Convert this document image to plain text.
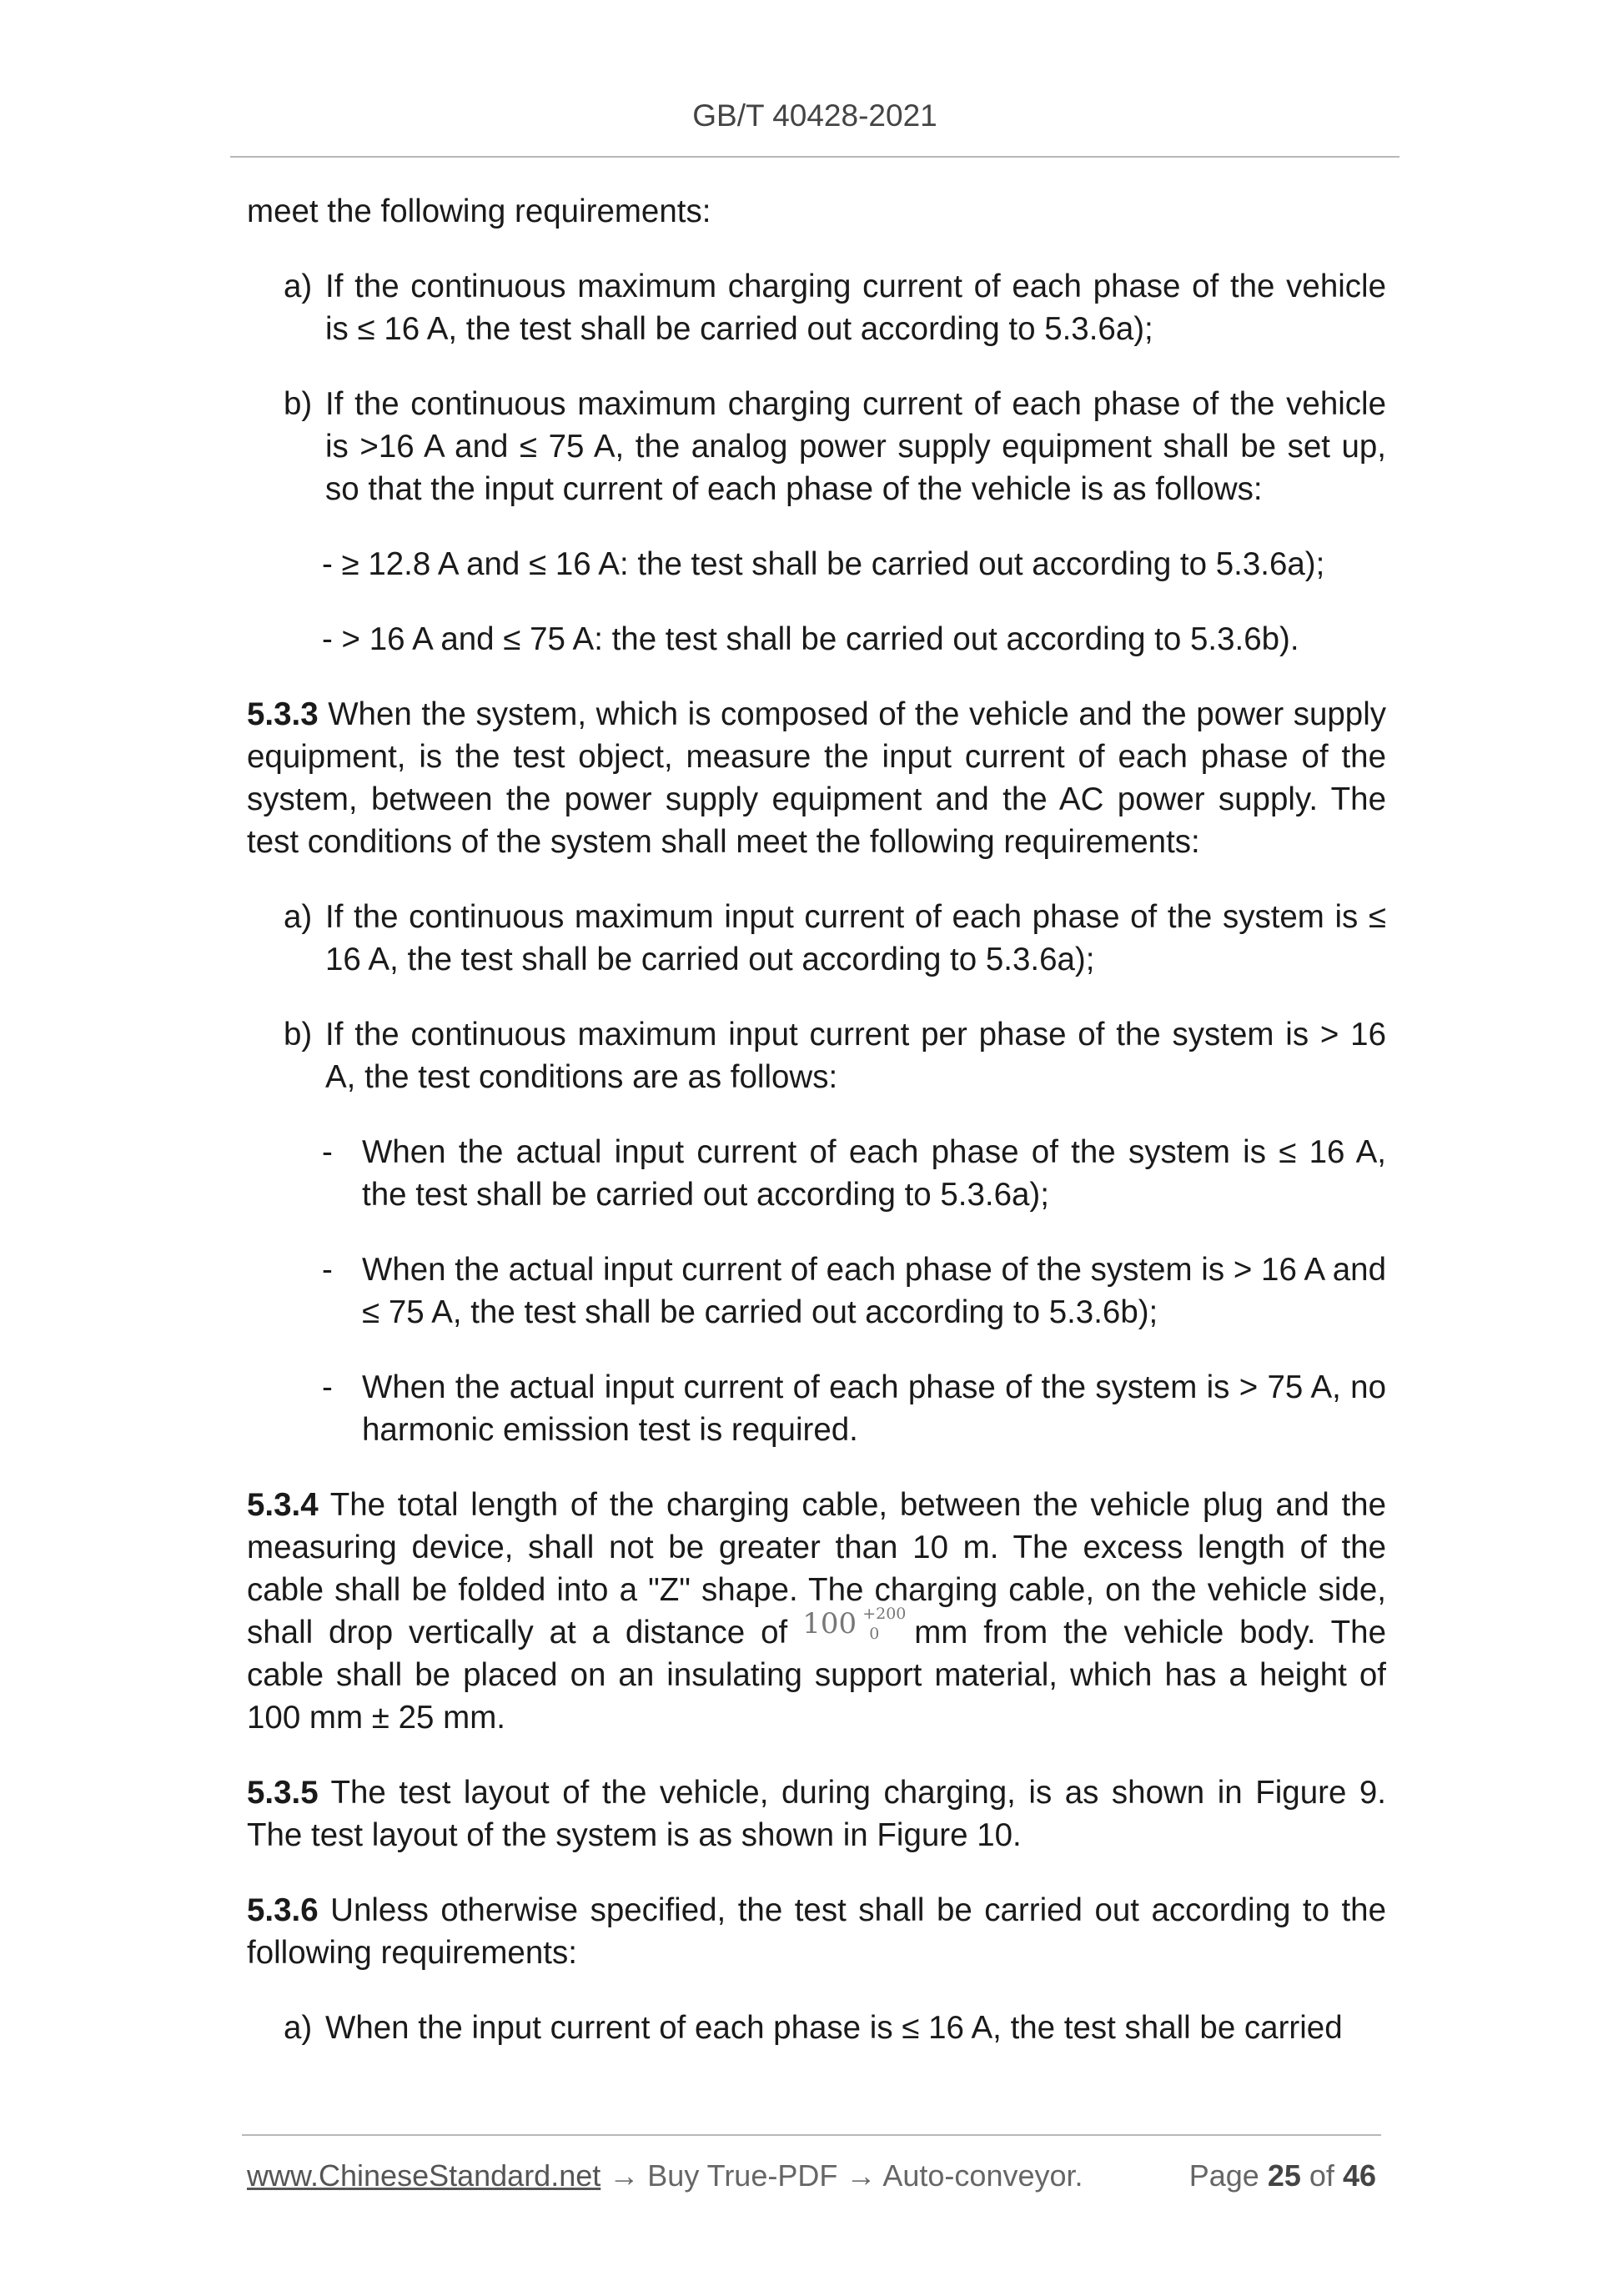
GB/T 40428-2021

meet the following requirements:

a) If the continuous maximum charging current of each phase of the vehicle is ≤ 16 A, the test shall be carried out according to 5.3.6a);
b) If the continuous maximum charging current of each phase of the vehicle is >16 A and ≤ 75 A, the analog power supply equipment shall be set up, so that the input current of each phase of the vehicle is as follows:
- ≥ 12.8 A and ≤ 16 A: the test shall be carried out according to 5.3.6a);
- > 16 A and ≤ 75 A: the test shall be carried out according to 5.3.6b).

5.3.3 When the system, which is composed of the vehicle and the power supply equipment, is the test object, measure the input current of each phase of the system, between the power supply equipment and the AC power supply. The test conditions of the system shall meet the following requirements:

a) If the continuous maximum input current of each phase of the system is ≤ 16 A, the test shall be carried out according to 5.3.6a);
b) If the continuous maximum input current per phase of the system is > 16 A, the test conditions are as follows:
- When the actual input current of each phase of the system is ≤ 16 A, the test shall be carried out according to 5.3.6a);
- When the actual input current of each phase of the system is > 16 A and ≤ 75 A, the test shall be carried out according to 5.3.6b);
- When the actual input current of each phase of the system is > 75 A, no harmonic emission test is required.

5.3.4 The total length of the charging cable, between the vehicle plug and the measuring device, shall not be greater than 10 m. The excess length of the cable shall be folded into a "Z" shape. The charging cable, on the vehicle side, shall drop vertically at a distance of 100 +200
0 mm from the vehicle body. The cable shall be placed on an insulating support material, which has a height of 100 mm ± 25 mm.

5.3.5 The test layout of the vehicle, during charging, is as shown in Figure 9. The test layout of the system is as shown in Figure 10.

5.3.6 Unless otherwise specified, the test shall be carried out according to the following requirements:

a) When the input current of each phase is ≤ 16 A, the test shall be carried
www.ChineseStandard.net → Buy True-PDF → Auto-conveyor.	Page 25 of 46
